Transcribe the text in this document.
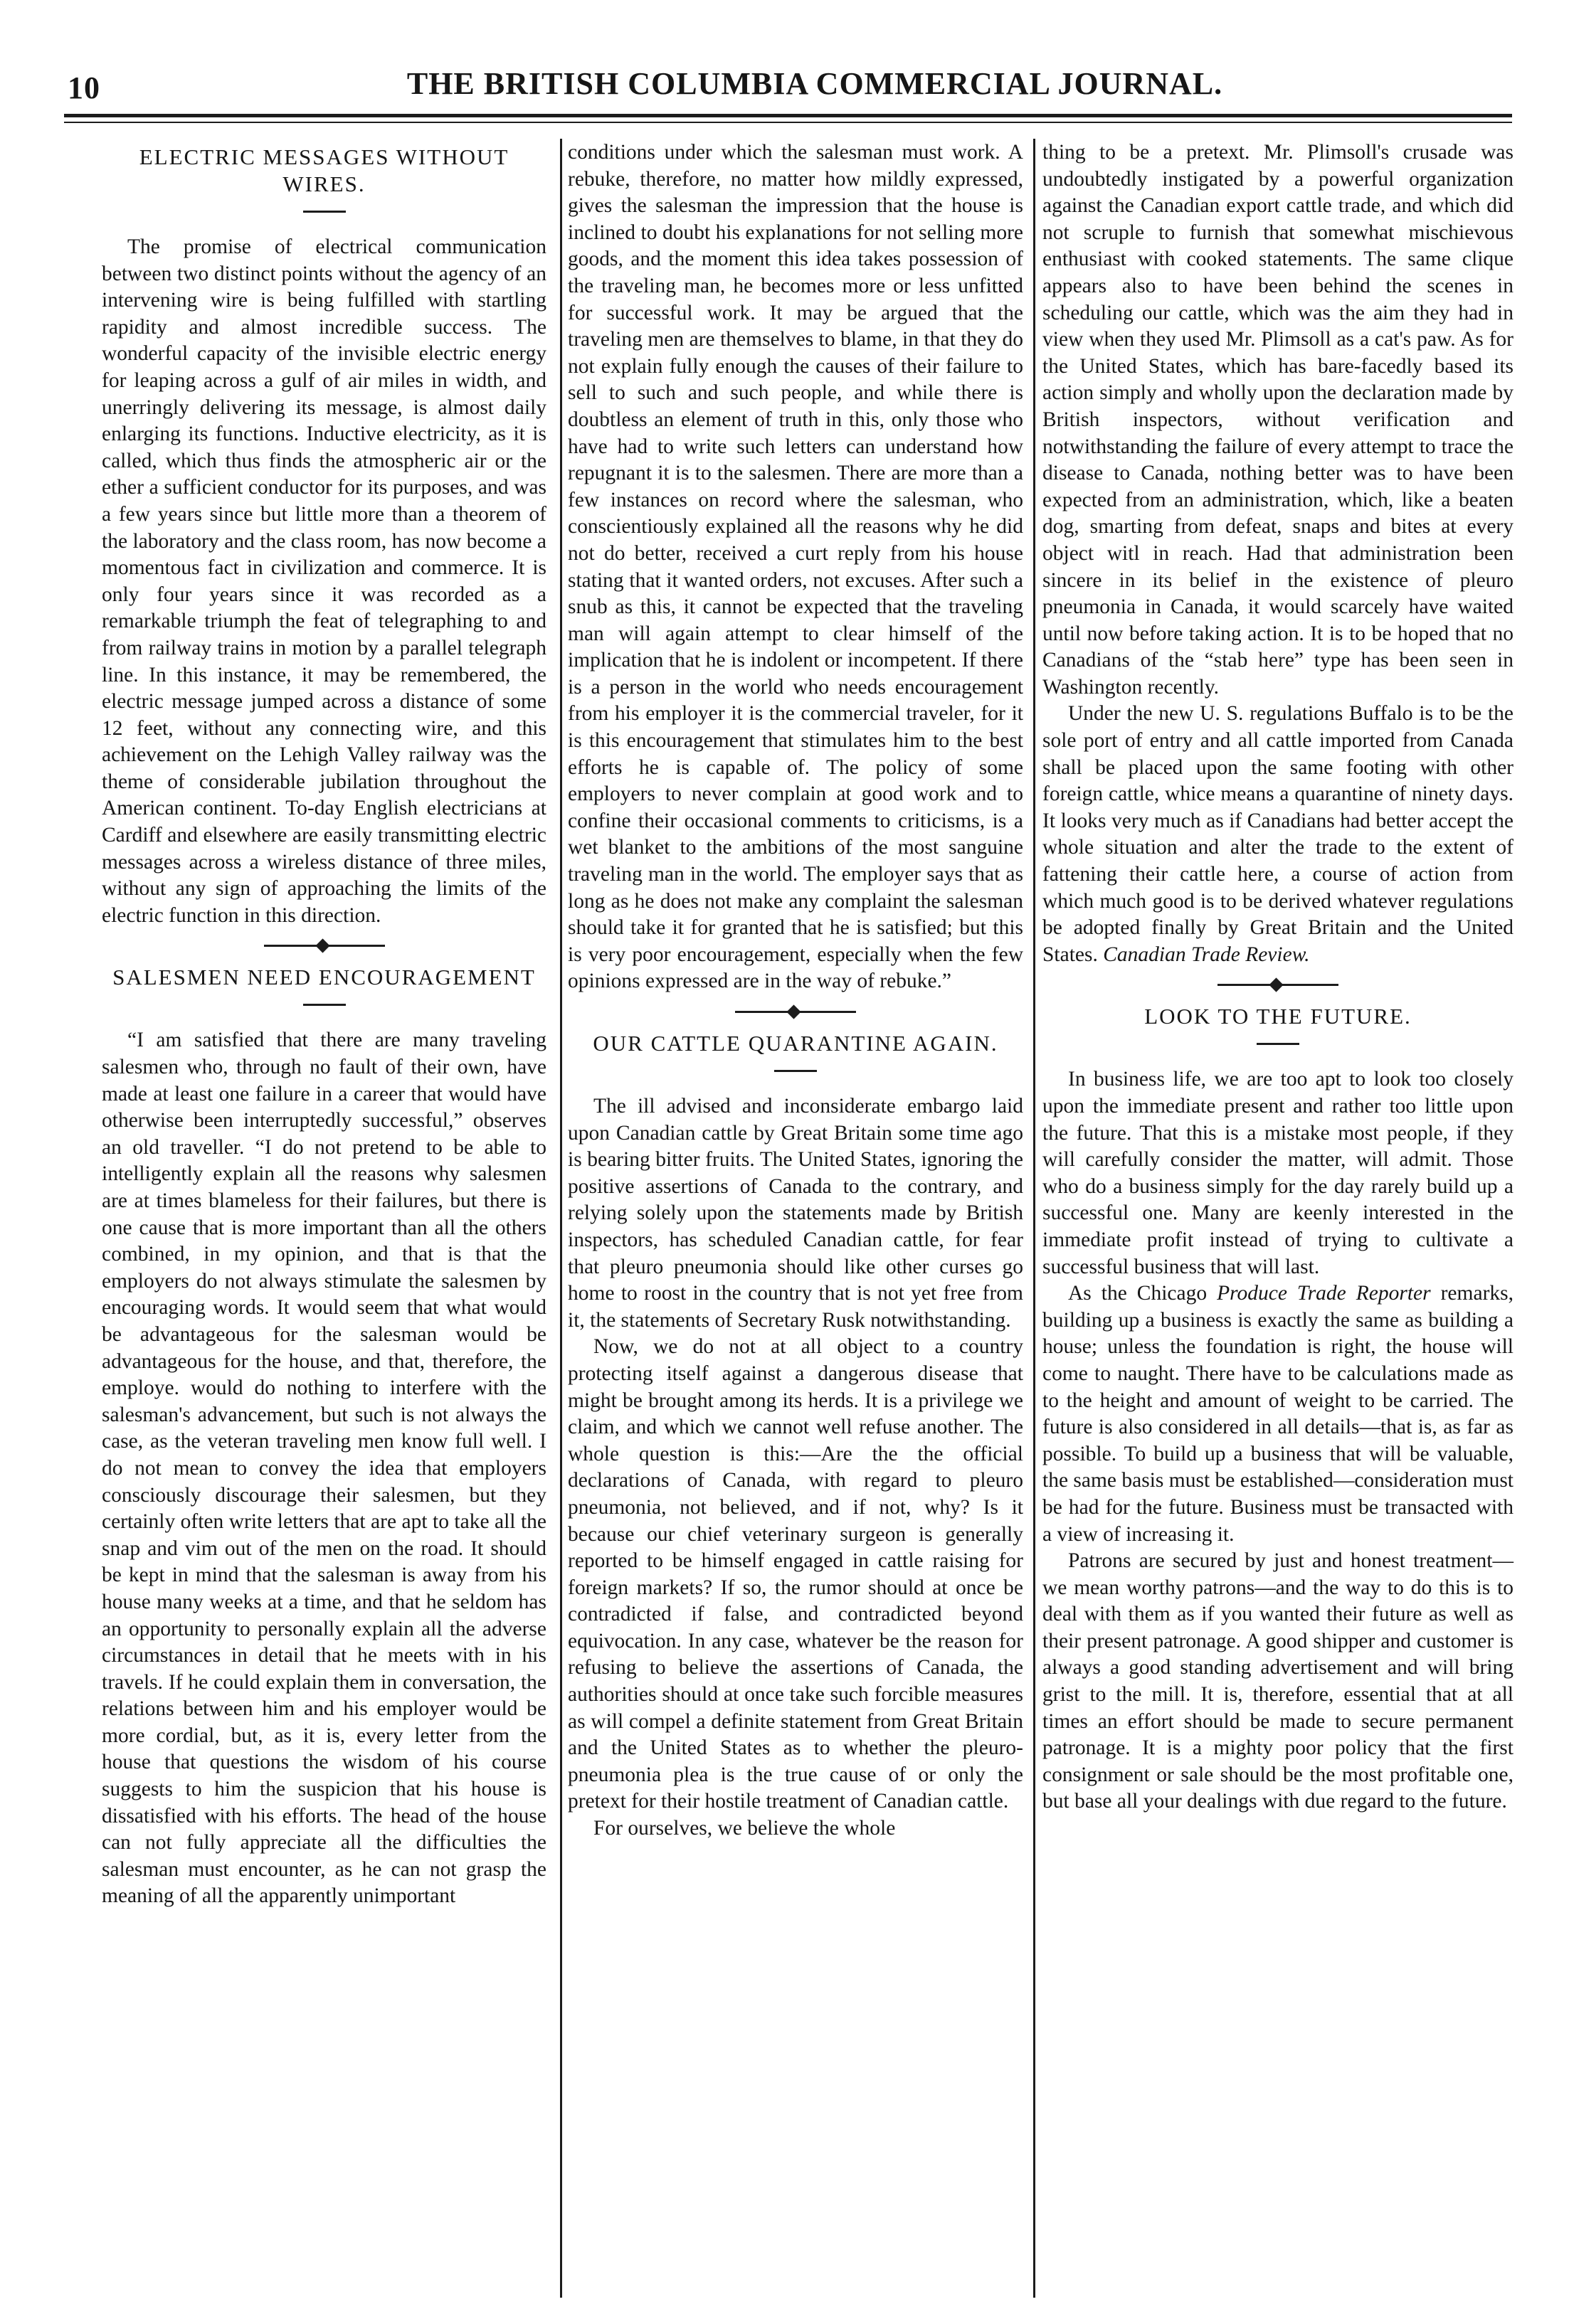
10	THE BRITISH COLUMBIA COMMERCIAL JOURNAL.
ELECTRIC MESSAGES WITHOUT WIRES.

The promise of electrical communication between two distinct points without the agency of an intervening wire is being fulfilled with startling rapidity and almost incredible success. The wonderful capacity of the invisible electric energy for leaping across a gulf of air miles in width, and unerringly delivering its message, is almost daily enlarging its functions. Inductive electricity, as it is called, which thus finds the atmospheric air or the ether a sufficient conductor for its purposes, and was a few years since but little more than a theorem of the laboratory and the class room, has now become a momentous fact in civilization and commerce. It is only four years since it was recorded as a remarkable triumph the feat of telegraphing to and from railway trains in motion by a parallel telegraph line. In this instance, it may be remembered, the electric message jumped across a distance of some 12 feet, without any connecting wire, and this achievement on the Lehigh Valley railway was the theme of considerable jubilation throughout the American continent. To-day English electricians at Cardiff and elsewhere are easily transmitting electric messages across a wireless distance of three miles, without any sign of approaching the limits of the electric function in this direction.

SALESMEN NEED ENCOURAGEMENT

“I am satisfied that there are many traveling salesmen who, through no fault of their own, have made at least one failure in a career that would have otherwise been interruptedly successful,” observes an old traveller. “I do not pretend to be able to intelligently explain all the reasons why salesmen are at times blameless for their failures, but there is one cause that is more important than all the others combined, in my opinion, and that is that the employers do not always stimulate the salesmen by encouraging words. It would seem that what would be advantageous for the salesman would be advantageous for the house, and that, therefore, the employe. would do nothing to interfere with the salesman's advancement, but such is not always the case, as the veteran traveling men know full well. I do not mean to convey the idea that employers consciously discourage their salesmen, but they certainly often write letters that are apt to take all the snap and vim out of the men on the road. It should be kept in mind that the salesman is away from his house many weeks at a time, and that he seldom has an opportunity to personally explain all the adverse circumstances in detail that he meets with in his travels. If he could explain them in conversation, the relations between him and his employer would be more cordial, but, as it is, every letter from the house that questions the wisdom of his course suggests to him the suspicion that his house is dissatisfied with his efforts. The head of the house can not fully appreciate all the difficulties the salesman must encounter, as he can not grasp the meaning of all the apparently unimportant

conditions under which the salesman must work. A rebuke, therefore, no matter how mildly expressed, gives the salesman the impression that the house is inclined to doubt his explanations for not selling more goods, and the moment this idea takes possession of the traveling man, he becomes more or less unfitted for successful work. It may be argued that the traveling men are themselves to blame, in that they do not explain fully enough the causes of their failure to sell to such and such people, and while there is doubtless an element of truth in this, only those who have had to write such letters can understand how repugnant it is to the salesmen. There are more than a few instances on record where the salesman, who conscientiously explained all the reasons why he did not do better, received a curt reply from his house stating that it wanted orders, not excuses. After such a snub as this, it cannot be expected that the traveling man will again attempt to clear himself of the implication that he is indolent or incompetent. If there is a person in the world who needs encouragement from his employer it is the commercial traveler, for it is this encouragement that stimulates him to the best efforts he is capable of. The policy of some employers to never complain at good work and to confine their occasional comments to criticisms, is a wet blanket to the ambitions of the most sanguine traveling man in the world. The employer says that as long as he does not make any complaint the salesman should take it for granted that he is satisfied; but this is very poor encouragement, especially when the few opinions expressed are in the way of rebuke.”

OUR CATTLE QUARANTINE AGAIN.

The ill advised and inconsiderate embargo laid upon Canadian cattle by Great Britain some time ago is bearing bitter fruits. The United States, ignoring the positive assertions of Canada to the contrary, and relying solely upon the statements made by British inspectors, has scheduled Canadian cattle, for fear that pleuro pneumonia should like other curses go home to roost in the country that is not yet free from it, the statements of Secretary Rusk notwithstanding.

Now, we do not at all object to a country protecting itself against a dangerous disease that might be brought among its herds. It is a privilege we claim, and which we cannot well refuse another. The whole question is this:—Are the the official declarations of Canada, with regard to pleuro pneumonia, not believed, and if not, why? Is it because our chief veterinary surgeon is generally reported to be himself engaged in cattle raising for foreign markets? If so, the rumor should at once be contradicted if false, and contradicted beyond equivocation. In any case, whatever be the reason for refusing to believe the assertions of Canada, the authorities should at once take such forcible measures as will compel a definite statement from Great Britain and the United States as to whether the pleuro-pneumonia plea is the true cause of or only the pretext for their hostile treatment of Canadian cattle.

For ourselves, we believe the whole

thing to be a pretext. Mr. Plimsoll's crusade was undoubtedly instigated by a powerful organization against the Canadian export cattle trade, and which did not scruple to furnish that somewhat mischievous enthusiast with cooked statements. The same clique appears also to have been behind the scenes in scheduling our cattle, which was the aim they had in view when they used Mr. Plimsoll as a cat's paw. As for the United States, which has bare-facedly based its action simply and wholly upon the declaration made by British inspectors, without verification and notwithstanding the failure of every attempt to trace the disease to Canada, nothing better was to have been expected from an administration, which, like a beaten dog, smarting from defeat, snaps and bites at every object witl in reach. Had that administration been sincere in its belief in the existence of pleuro pneumonia in Canada, it would scarcely have waited until now before taking action. It is to be hoped that no Canadians of the “stab here” type has been seen in Washington recently.

Under the new U. S. regulations Buffalo is to be the sole port of entry and all cattle imported from Canada shall be placed upon the same footing with other foreign cattle, whice means a quarantine of ninety days. It looks very much as if Canadians had better accept the whole situation and alter the trade to the extent of fattening their cattle here, a course of action from which much good is to be derived whatever regulations be adopted finally by Great Britain and the United States. Canadian Trade Review.

LOOK TO THE FUTURE.

In business life, we are too apt to look too closely upon the immediate present and rather too little upon the future. That this is a mistake most people, if they will carefully consider the matter, will admit. Those who do a business simply for the day rarely build up a successful one. Many are keenly interested in the immediate profit instead of trying to cultivate a successful business that will last.

As the Chicago Produce Trade Reporter remarks, building up a business is exactly the same as building a house; unless the foundation is right, the house will come to naught. There have to be calculations made as to the height and amount of weight to be carried. The future is also considered in all details—that is, as far as possible. To build up a business that will be valuable, the same basis must be established—consideration must be had for the future. Business must be transacted with a view of increasing it.

Patrons are secured by just and honest treatment—we mean worthy patrons—and the way to do this is to deal with them as if you wanted their future as well as their present patronage. A good shipper and customer is always a good standing advertisement and will bring grist to the mill. It is, therefore, essential that at all times an effort should be made to secure permanent patronage. It is a mighty poor policy that the first consignment or sale should be the most profitable one, but base all your dealings with due regard to the future.
